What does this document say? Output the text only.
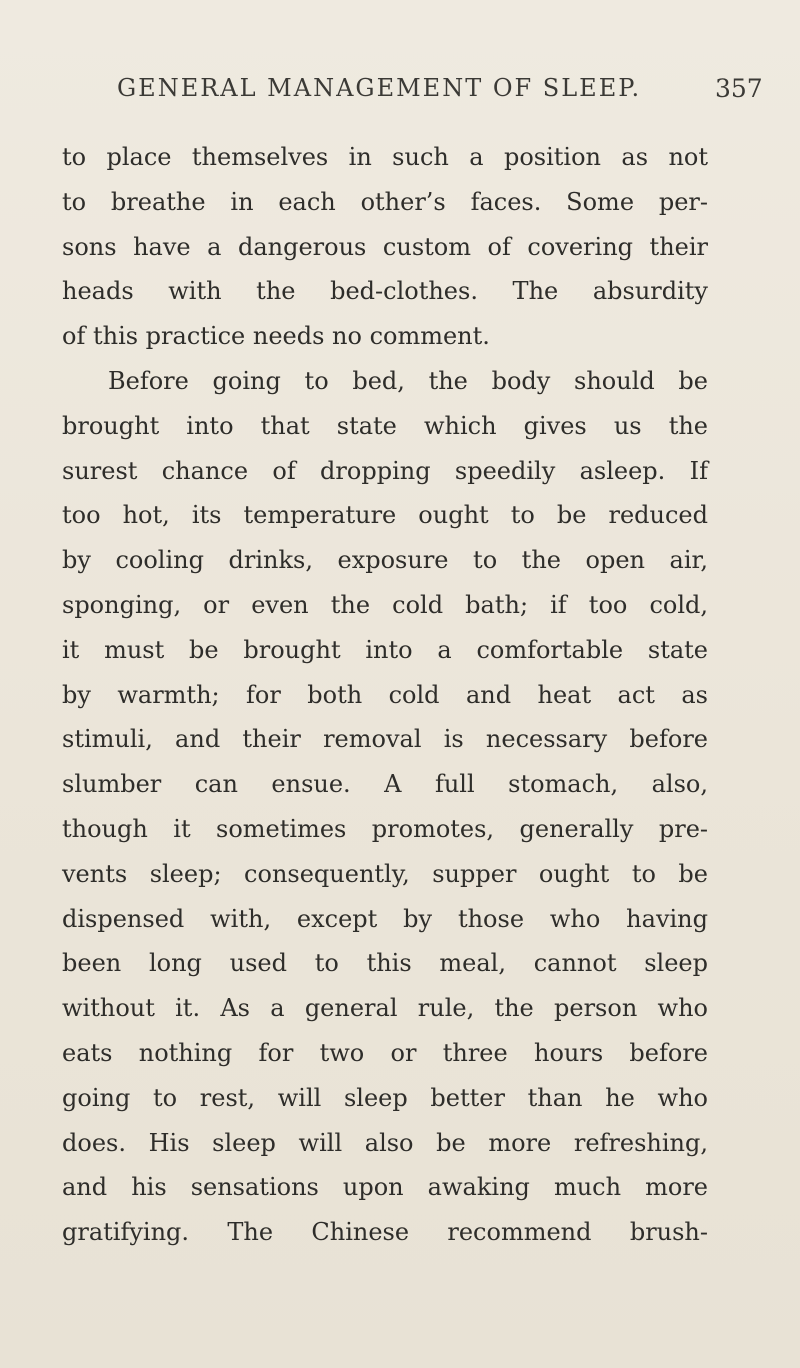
GENERAL MANAGEMENT OF SLEEP.	357
to place themselves in such a position as not
to breathe in each other’s faces. Some per-
sons have a dangerous custom of covering their
heads with the bed-clothes. The absurdity
of this practice needs no comment.
Before going to bed, the body should be
brought into that state which gives us the
surest chance of dropping speedily asleep. If
too hot, its temperature ought to be reduced
by cooling drinks, exposure to the open air,
sponging, or even the cold bath; if too cold,
it must be brought into a comfortable state
by warmth; for both cold and heat act as
stimuli, and their removal is necessary before
slumber can ensue. A full stomach, also,
though it sometimes promotes, generally pre-
vents sleep; consequently, supper ought to be
dispensed with, except by those who having
been long used to this meal, cannot sleep
without it. As a general rule, the person who
eats nothing for two or three hours before
going to rest, will sleep better than he who
does. His sleep will also be more refreshing,
and his sensations upon awaking much more
gratifying. The Chinese recommend brush-
